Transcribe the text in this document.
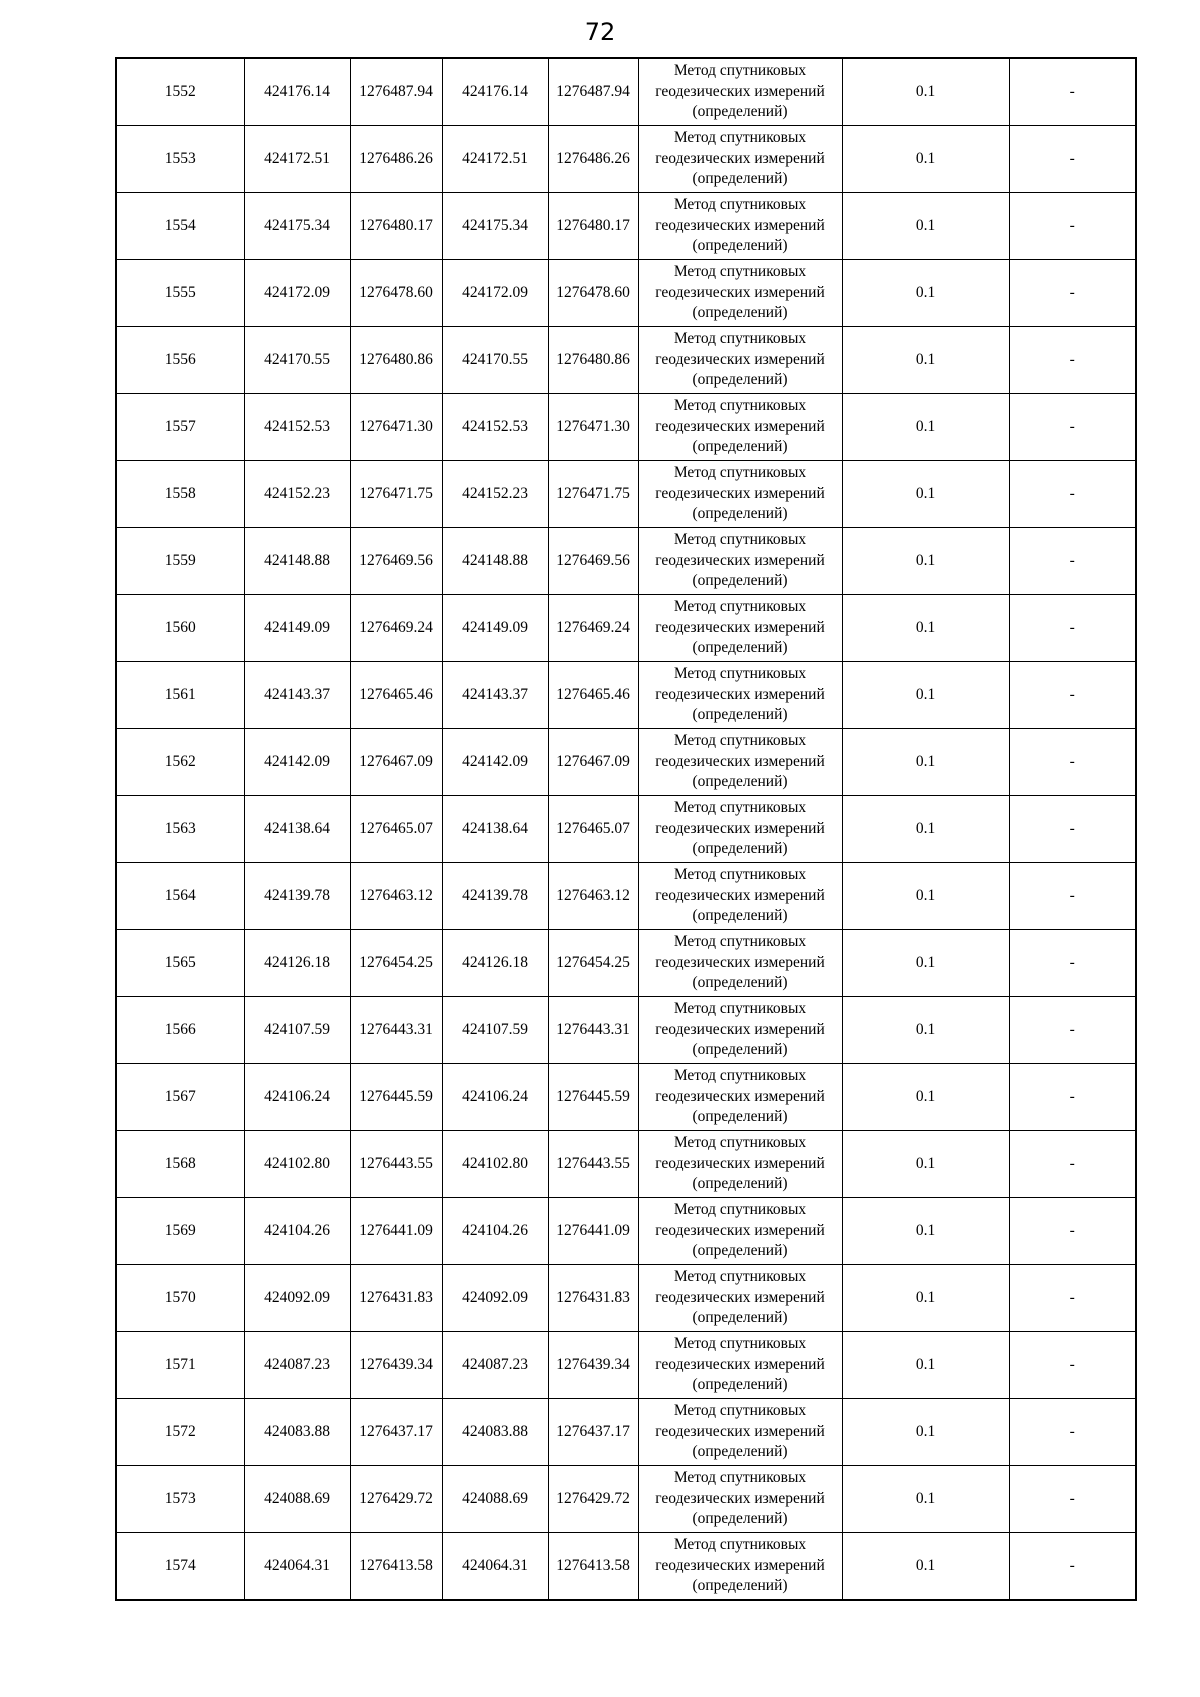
72
1552	424176.14	1276487.94	424176.14	1276487.94	Метод спутниковых
геодезических измерений
(определений)	0.1	-
1553	424172.51	1276486.26	424172.51	1276486.26	Метод спутниковых
геодезических измерений
(определений)	0.1	-
1554	424175.34	1276480.17	424175.34	1276480.17	Метод спутниковых
геодезических измерений
(определений)	0.1	-
1555	424172.09	1276478.60	424172.09	1276478.60	Метод спутниковых
геодезических измерений
(определений)	0.1	-
1556	424170.55	1276480.86	424170.55	1276480.86	Метод спутниковых
геодезических измерений
(определений)	0.1	-
1557	424152.53	1276471.30	424152.53	1276471.30	Метод спутниковых
геодезических измерений
(определений)	0.1	-
1558	424152.23	1276471.75	424152.23	1276471.75	Метод спутниковых
геодезических измерений
(определений)	0.1	-
1559	424148.88	1276469.56	424148.88	1276469.56	Метод спутниковых
геодезических измерений
(определений)	0.1	-
1560	424149.09	1276469.24	424149.09	1276469.24	Метод спутниковых
геодезических измерений
(определений)	0.1	-
1561	424143.37	1276465.46	424143.37	1276465.46	Метод спутниковых
геодезических измерений
(определений)	0.1	-
1562	424142.09	1276467.09	424142.09	1276467.09	Метод спутниковых
геодезических измерений
(определений)	0.1	-
1563	424138.64	1276465.07	424138.64	1276465.07	Метод спутниковых
геодезических измерений
(определений)	0.1	-
1564	424139.78	1276463.12	424139.78	1276463.12	Метод спутниковых
геодезических измерений
(определений)	0.1	-
1565	424126.18	1276454.25	424126.18	1276454.25	Метод спутниковых
геодезических измерений
(определений)	0.1	-
1566	424107.59	1276443.31	424107.59	1276443.31	Метод спутниковых
геодезических измерений
(определений)	0.1	-
1567	424106.24	1276445.59	424106.24	1276445.59	Метод спутниковых
геодезических измерений
(определений)	0.1	-
1568	424102.80	1276443.55	424102.80	1276443.55	Метод спутниковых
геодезических измерений
(определений)	0.1	-
1569	424104.26	1276441.09	424104.26	1276441.09	Метод спутниковых
геодезических измерений
(определений)	0.1	-
1570	424092.09	1276431.83	424092.09	1276431.83	Метод спутниковых
геодезических измерений
(определений)	0.1	-
1571	424087.23	1276439.34	424087.23	1276439.34	Метод спутниковых
геодезических измерений
(определений)	0.1	-
1572	424083.88	1276437.17	424083.88	1276437.17	Метод спутниковых
геодезических измерений
(определений)	0.1	-
1573	424088.69	1276429.72	424088.69	1276429.72	Метод спутниковых
геодезических измерений
(определений)	0.1	-
1574	424064.31	1276413.58	424064.31	1276413.58	Метод спутниковых
геодезических измерений
(определений)	0.1	-
